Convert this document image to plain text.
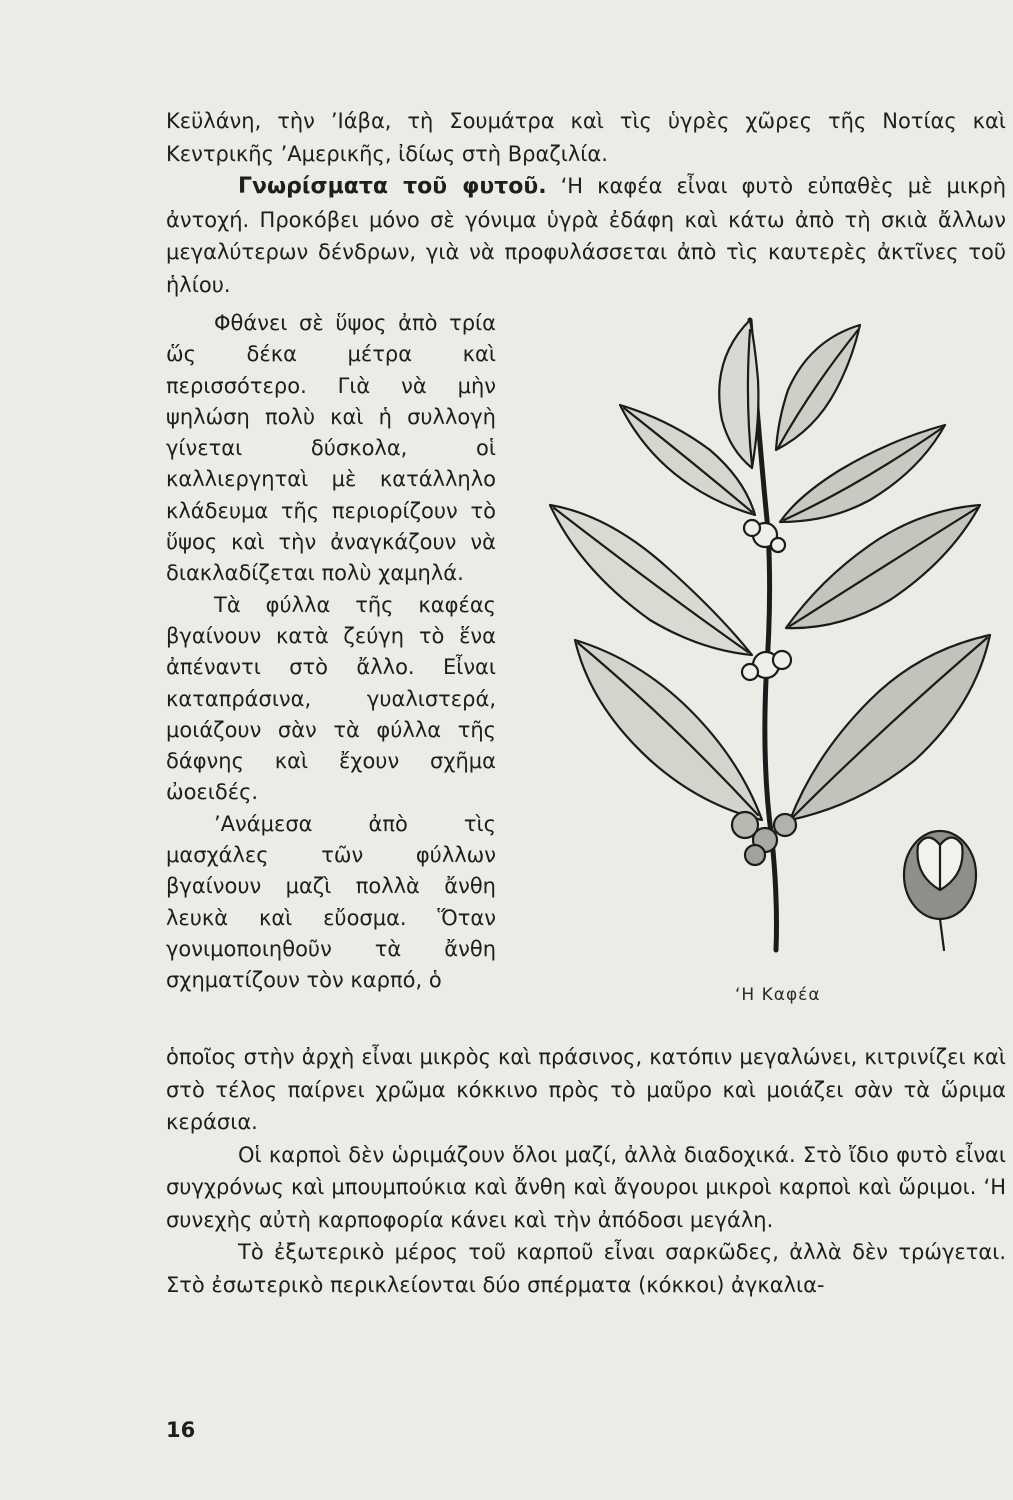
Κεϋλάνη, τὴν ’Ιάβα, τὴ Σουμάτρα καὶ τὶς ὑγρὲς χῶρες τῆς Νοτίας καὶ Κεντρικῆς ’Αμερικῆς, ἰδίως στὴ Βραζιλία.

Γνωρίσματα τοῦ φυτοῦ. ‘Η καφέα εἶναι φυτὸ εὐπαθὲς μὲ μικρὴ ἀντοχή. Προκόβει μόνο σὲ γόνιμα ὑγρὰ ἐδάφη καὶ κάτω ἀπὸ τὴ σκιὰ ἄλλων μεγαλύτερων δένδρων, γιὰ νὰ προφυλάσσεται ἀπὸ τὶς καυτερὲς ἀκτῖνες τοῦ ἡλίου.

Φθάνει σὲ ὕψος ἀπὸ τρία ὥς δέκα μέτρα καὶ περισσότερο. Γιὰ νὰ μὴν ψηλώση πολὺ καὶ ἡ συλλογὴ γίνεται δύσκολα, οἱ καλλιεργηταὶ μὲ κατάλληλο κλάδευμα τῆς περιορίζουν τὸ ὕψος καὶ τὴν ἀναγκάζουν νὰ διακλαδίζεται πολὺ χαμηλά.

Τὰ φύλλα τῆς καφέας βγαίνουν κατὰ ζεύγη τὸ ἕνα ἀπέναντι στὸ ἄλλο. Εἶναι καταπράσινα, γυαλιστερά, μοιάζουν σὰν τὰ φύλλα τῆς δάφνης καὶ ἔχουν σχῆμα ὠοειδές.

’Ανάμεσα ἀπὸ τὶς μασχάλες τῶν φύλλων βγαίνουν μαζὶ πολλὰ ἄνθη λευκὰ καὶ εὔοσμα. Ὅταν γονιμοποιηθοῦν τὰ ἄνθη σχηματίζουν τὸν καρπό, ὁ

‘Η Καφέα

ὁποῖος στὴν ἀρχὴ εἶναι μικρὸς καὶ πράσινος, κατόπιν μεγαλώνει, κιτρινίζει καὶ στὸ τέλος παίρνει χρῶμα κόκκινο πρὸς τὸ μαῦρο καὶ μοιάζει σὰν τὰ ὥριμα κεράσια.

Οἱ καρποὶ δὲν ὡριμάζουν ὅλοι μαζί, ἀλλὰ διαδοχικά. Στὸ ἴδιο φυτὸ εἶναι συγχρόνως καὶ μπουμπούκια καὶ ἄνθη καὶ ἄγουροι μικροὶ καρποὶ καὶ ὥριμοι. ‘Η συνεχὴς αὐτὴ καρποφορία κάνει καὶ τὴν ἀπόδοσι μεγάλη.

Τὸ ἐξωτερικὸ μέρος τοῦ καρποῦ εἶναι σαρκῶδες, ἀλλὰ δὲν τρώγεται. Στὸ ἐσωτερικὸ περικλείονται δύο σπέρματα (κόκκοι) ἀγκαλια-

16
